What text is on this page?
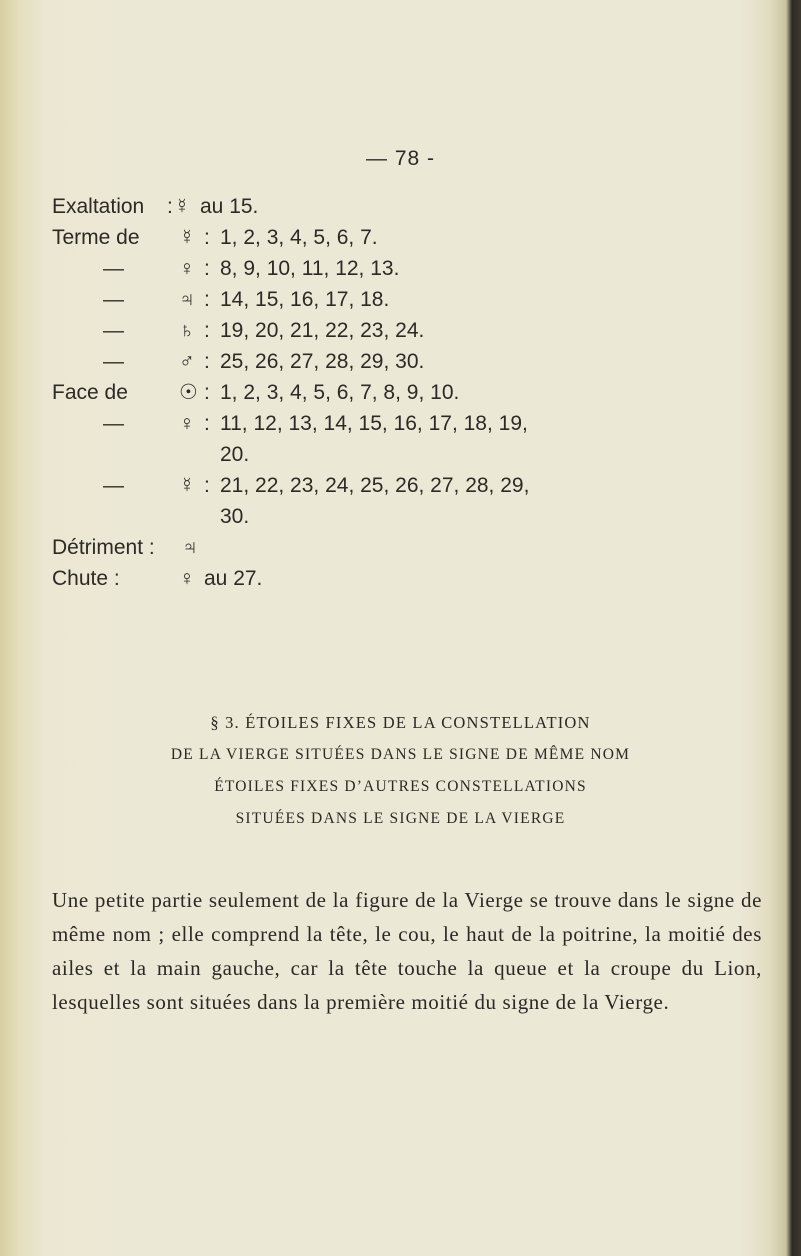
— 78 -
Exaltation : ☿ au 15.
Terme de ☿ : 1, 2, 3, 4, 5, 6, 7.
—	♀ : 8, 9, 10, 11, 12, 13.
—	♃ : 14, 15, 16, 17, 18.
—	♄ : 19, 20, 21, 22, 23, 24.
—	♂ : 25, 26, 27, 28, 29, 30.
Face de ☉ : 1, 2, 3, 4, 5, 6, 7, 8, 9, 10.
—	♀ : 11, 12, 13, 14, 15, 16, 17, 18, 19,
20.
—	☿ : 21, 22, 23, 24, 25, 26, 27, 28, 29,
30.
Détriment : ♃
Chute :	♀ au 27.
§ 3. ÉTOILES FIXES DE LA CONSTELLATION
DE LA VIERGE SITUÉES DANS LE SIGNE DE MÊME NOM
ÉTOILES FIXES D’AUTRES CONSTELLATIONS
SITUÉES DANS LE SIGNE DE LA VIERGE
Une petite partie seulement de la figure de la Vierge se trouve dans le signe de même nom ; elle comprend la tête, le cou, le haut de la poitrine, la moitié des ailes et la main gauche, car la tête touche la queue et la croupe du Lion, lesquelles sont situées dans la première moitié du signe de la Vierge.
